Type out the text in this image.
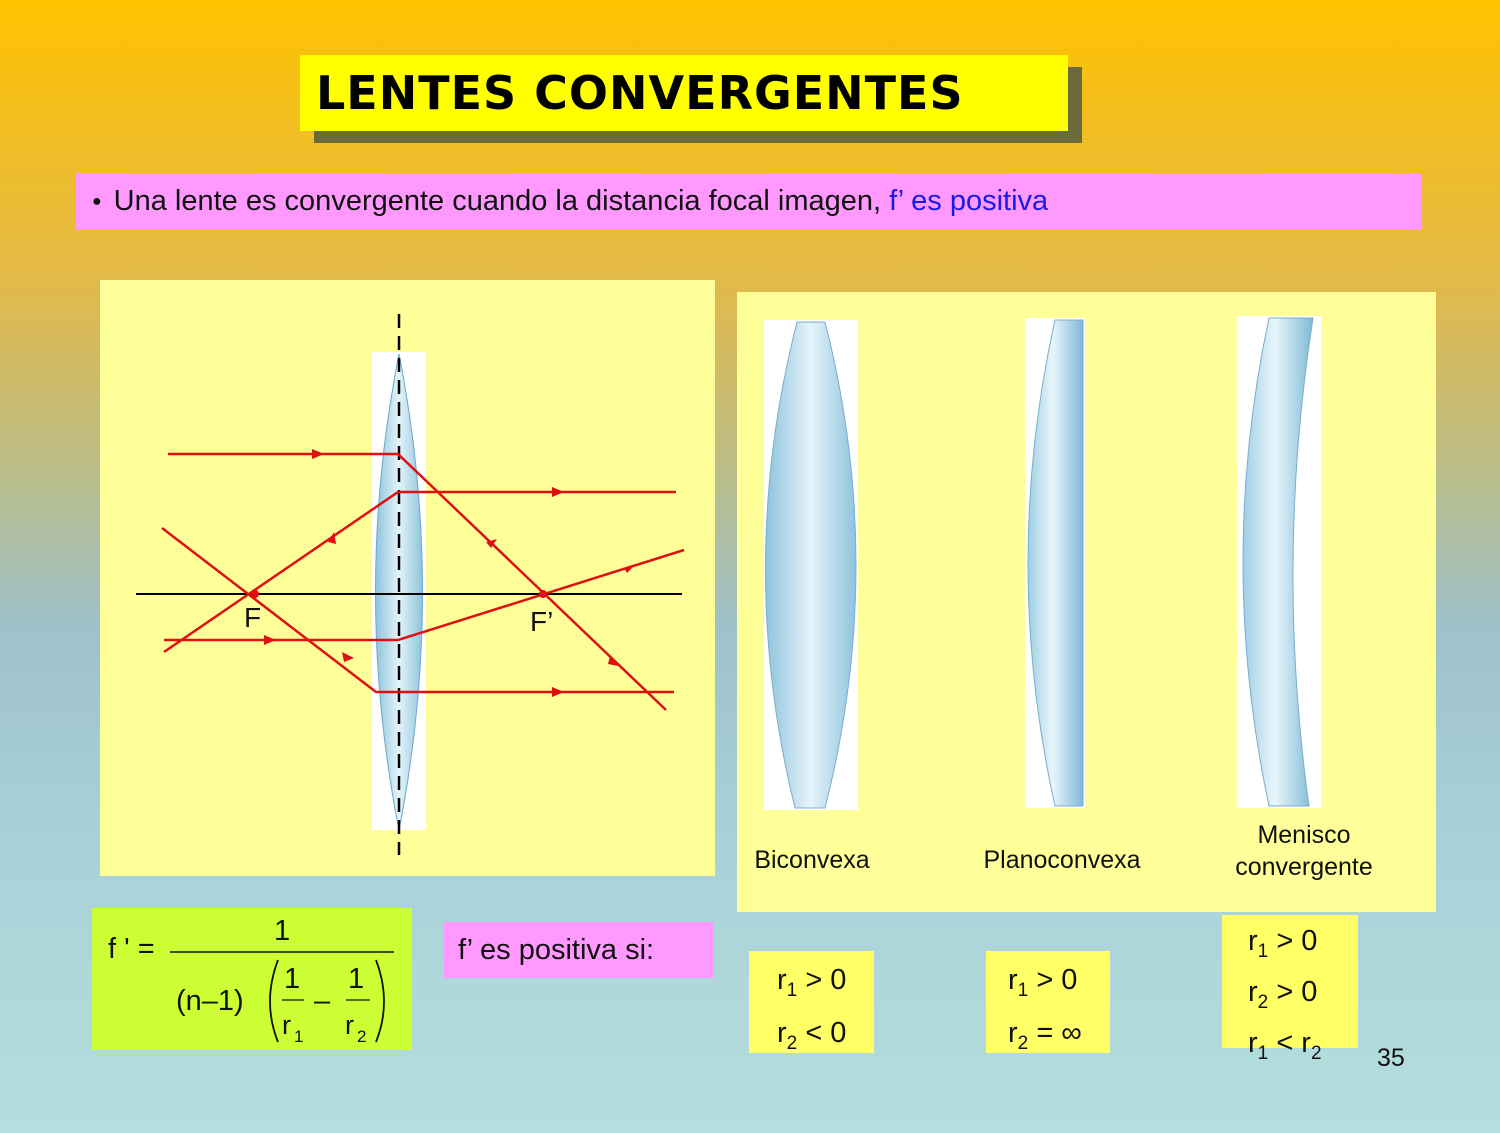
LENTES CONVERGENTES
● Una lente es convergente cuando la distancia focal imagen, f’ es positiva
F	F’
Biconvexa	Planoconvexa
Menisco
convergente
f ' =
1
(n–1)
1
r 1
–
1
r 2
f’ es positiva si:
$r_1 > 0$
$r_2 < 0$
$r_1 > 0$
$r_2$ = ∞
$r_1 > 0$
$r_2 > 0$
$r_1 < r_2$	35
